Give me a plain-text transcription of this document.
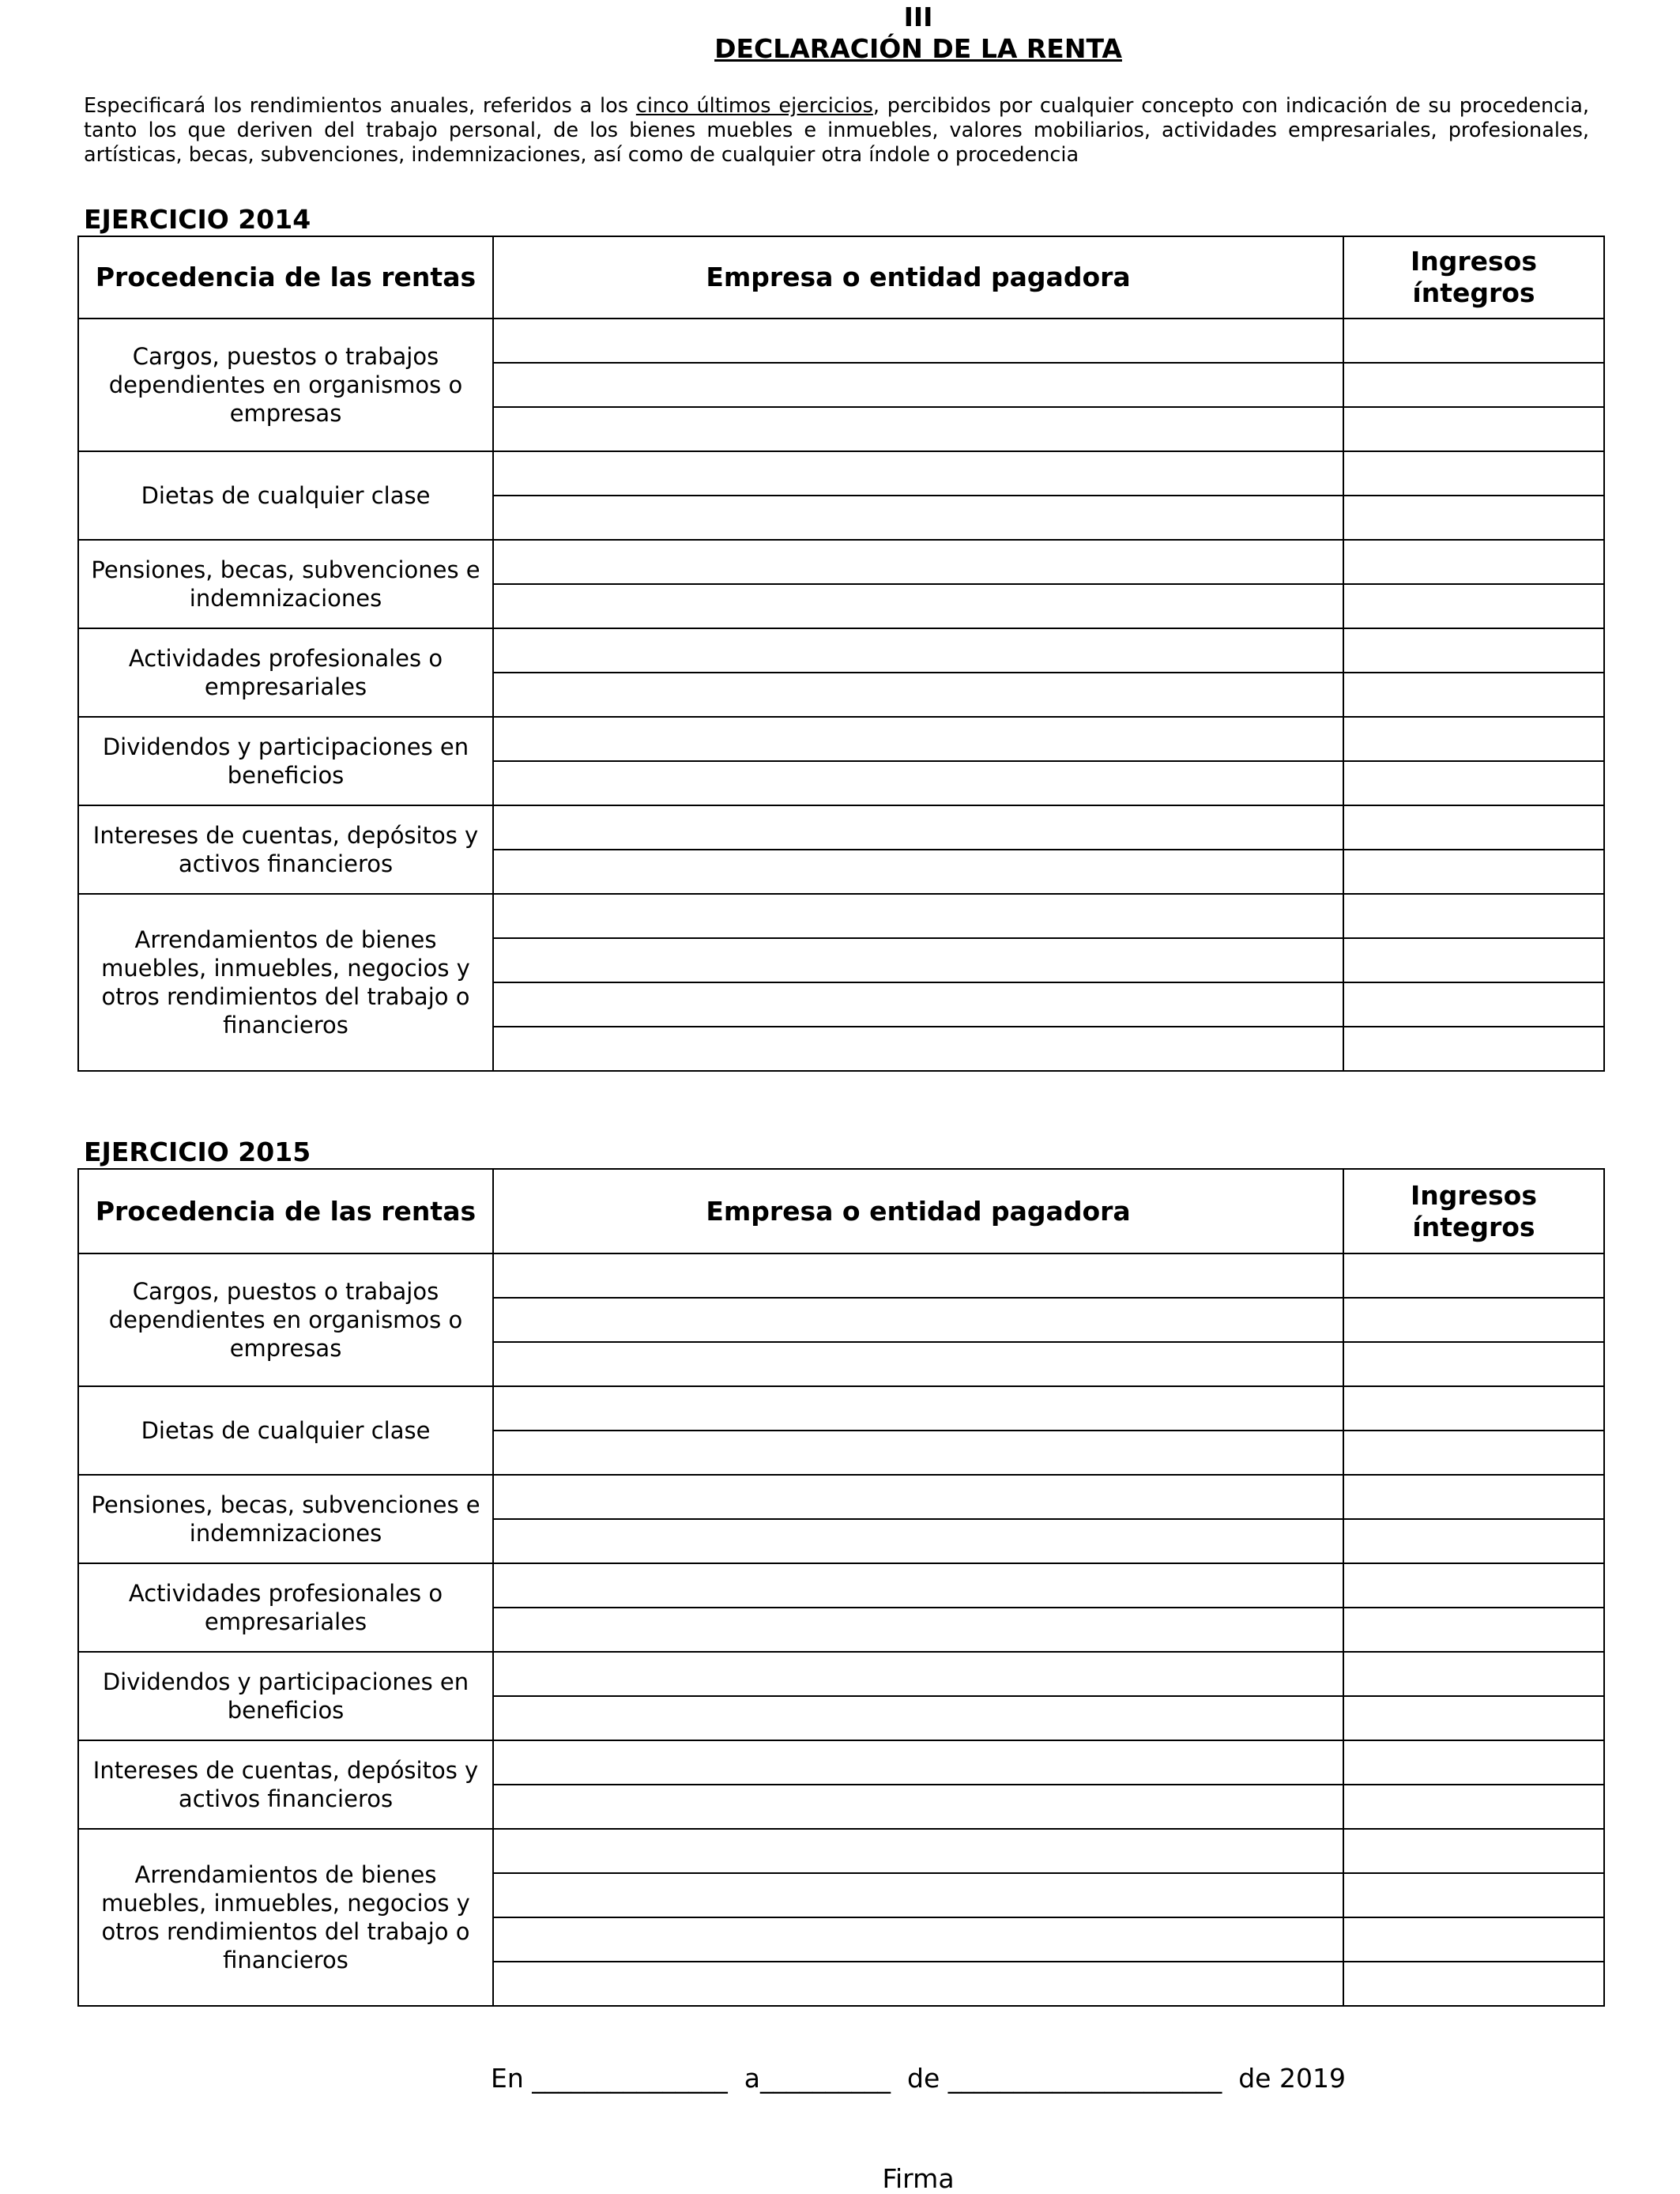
III
DECLARACIÓN DE LA RENTA
Especificará los rendimientos anuales, referidos a los cinco últimos ejercicios, percibidos por cualquier concepto con indicación de su procedencia, tanto los que deriven del trabajo personal, de los bienes muebles e inmuebles, valores mobiliarios, actividades empresariales, profesionales, artísticas, becas, subvenciones, indemnizaciones, así como de cualquier otra índole o procedencia
EJERCICIO 2014
Procedencia de las rentas	Empresa o entidad pagadora	Ingresos íntegros
Cargos, puestos o trabajos dependientes en organismos o empresas		

Dietas de cualquier clase		

Pensiones, becas, subvenciones e indemnizaciones		

Actividades profesionales o empresariales		

Dividendos y participaciones en beneficios		

Intereses de cuentas, depósitos y activos financieros		

Arrendamientos de bienes muebles, inmuebles, negocios y otros rendimientos del trabajo o financieros		

EJERCICIO 2015
Procedencia de las rentas	Empresa o entidad pagadora	Ingresos íntegros
Cargos, puestos o trabajos dependientes en organismos o empresas		

Dietas de cualquier clase		

Pensiones, becas, subvenciones e indemnizaciones		

Actividades profesionales o empresariales		

Dividendos y participaciones en beneficios		

Intereses de cuentas, depósitos y activos financieros		

Arrendamientos de bienes muebles, inmuebles, negocios y otros rendimientos del trabajo o financieros		

En _______________ a__________ de _____________________ de 2019
Firma
